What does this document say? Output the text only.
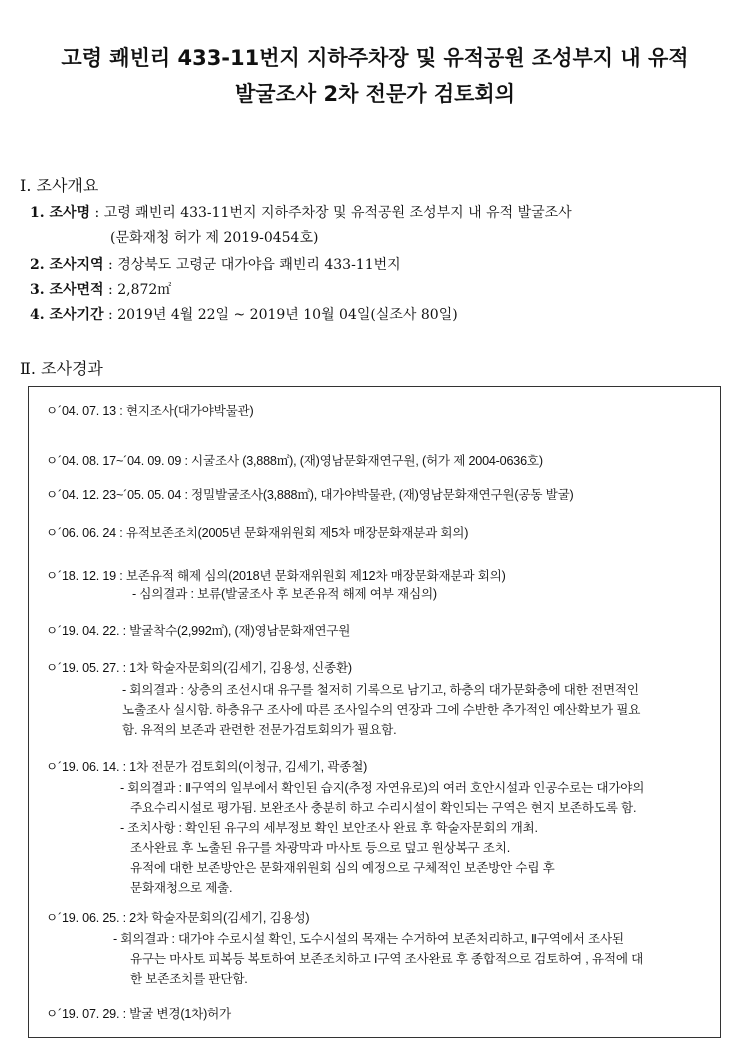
고령 쾌빈리 433-11번지 지하주차장 및 유적공원 조성부지 내 유적
발굴조사 2차 전문가 검토회의
Ⅰ. 조사개요
1. 조사명 : 고령 쾌빈리 433-11번지 지하주차장 및 유적공원 조성부지 내 유적 발굴조사
(문화재청 허가 제 2019-0454호)
2. 조사지역 : 경상북도 고령군 대가야읍 쾌빈리 433-11번지
3. 조사면적 : 2,872㎡
4. 조사기간 : 2019년 4월 22일 ~ 2019년 10월 04일(실조사 80일)
Ⅱ. 조사경과
ㅇ´04. 07. 13 : 현지조사(대가야박물관)
ㅇ´04. 08. 17~´04. 09. 09 : 시굴조사 (3,888㎡), (재)영남문화재연구원, (허가 제 2004-0636호)
ㅇ´04. 12. 23~´05. 05. 04 : 정밀발굴조사(3,888㎡), 대가야박물관, (재)영남문화재연구원(공동 발굴)
ㅇ´06. 06. 24 : 유적보존조치(2005년 문화재위원회 제5차 매장문화재분과 회의)
ㅇ´18. 12. 19 : 보존유적 해제 심의(2018년 문화재위원회 제12차 매장문화재분과 회의)
- 심의결과 : 보류(발굴조사 후 보존유적 해제 여부 재심의)
ㅇ´19. 04. 22. : 발굴착수(2,992㎡), (재)영남문화재연구원
ㅇ´19. 05. 27. : 1차 학술자문회의(김세기, 김용성, 신종환)
- 회의결과 : 상층의 조선시대 유구를 철저히 기록으로 남기고, 하층의 대가문화층에 대한 전면적인
노출조사 실시함. 하층유구 조사에 따른 조사일수의 연장과 그에 수반한 추가적인 예산확보가 필요
함. 유적의 보존과 관련한 전문가검토회의가 필요함.
ㅇ´19. 06. 14. : 1차 전문가 검토회의(이청규, 김세기, 곽종철)
- 회의결과 : Ⅱ구역의 일부에서 확인된 습지(추정 자연유로)의 여러 호안시설과 인공수로는 대가야의
주요수리시설로 평가됨. 보완조사 충분히 하고 수리시설이 확인되는 구역은 현지 보존하도록 함.
- 조치사항 : 확인된 유구의 세부정보 확인 보안조사 완료 후 학술자문회의 개최.
조사완료 후 노출된 유구를 차광막과 마사토 등으로 덮고 원상복구 조치.
유적에 대한 보존방안은 문화재위원회 심의 예정으로 구체적인 보존방안 수립 후
문화재청으로 제출.
ㅇ´19. 06. 25. : 2차 학술자문회의(김세기, 김용성)
- 회의결과 : 대가야 수로시설 확인, 도수시설의 목재는 수거하여 보존처리하고, Ⅱ구역에서 조사된
유구는 마사토 피복등 복토하여 보존조치하고 Ⅰ구역 조사완료 후 종합적으로 검토하여 , 유적에 대
한 보존조치를 판단함.
ㅇ´19. 07. 29. : 발굴 변경(1차)허가
